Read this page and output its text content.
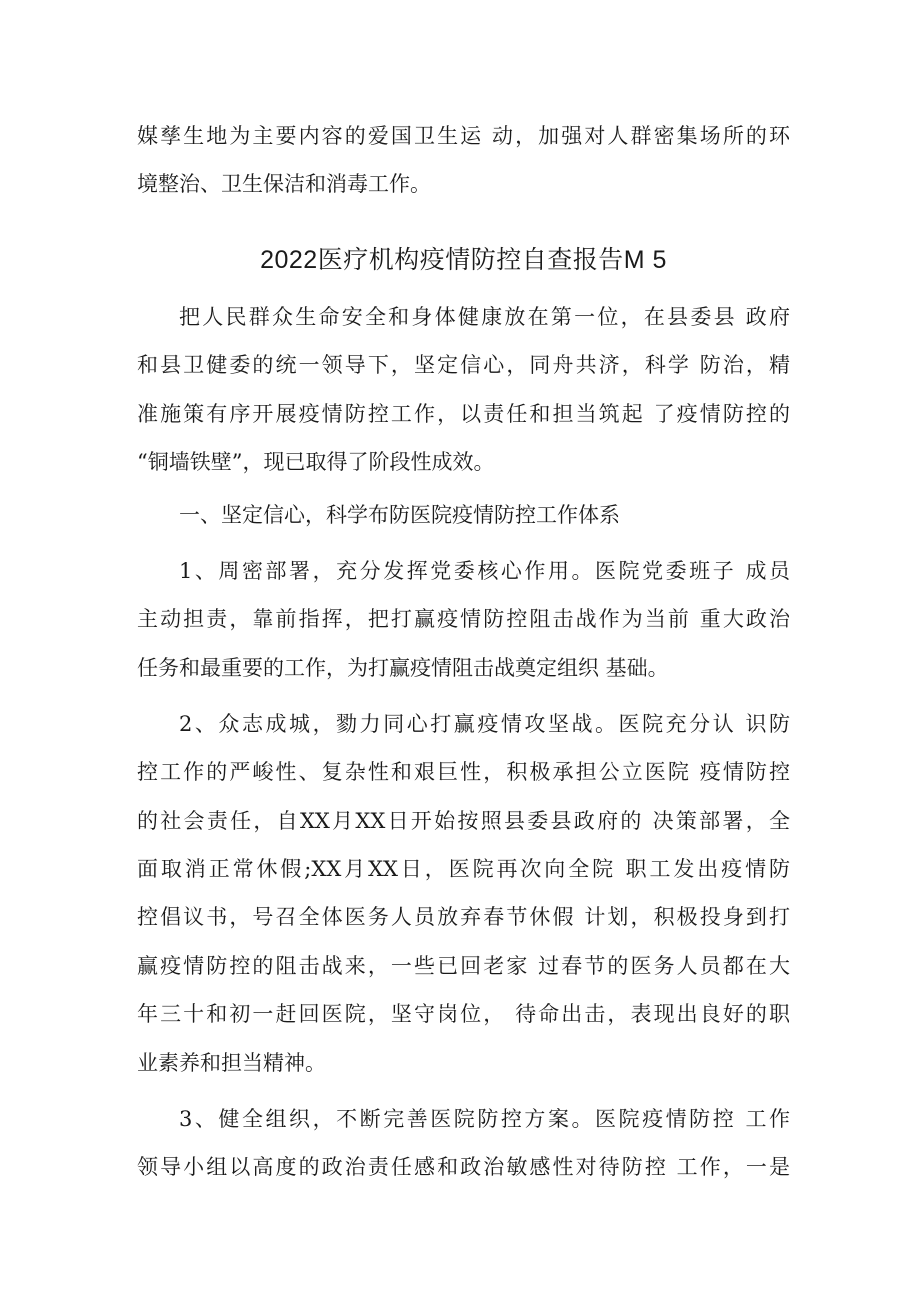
媒孳生地为主要内容的爱国卫生运 动，加强对人群密集场所的环
境整治、卫生保洁和消毒工作。
2022医疗机构疫情防控自查报告M 5
把人民群众生命安全和身体健康放在第一位，在县委县 政府
和县卫健委的统一领导下，坚定信心，同舟共济，科学 防治，精
准施策有序开展疫情防控工作，以责任和担当筑起 了疫情防控的
“铜墙铁壁”，现已取得了阶段性成效。
一、坚定信心，科学布防医院疫情防控工作体系
1、周密部署，充分发挥党委核心作用。医院党委班子 成员
主动担责，靠前指挥，把打赢疫情防控阻击战作为当前 重大政治
任务和最重要的工作，为打赢疫情阻击战奠定组织 基础。
2、众志成城，勠力同心打赢疫情攻坚战。医院充分认 识防
控工作的严峻性、复杂性和艰巨性，积极承担公立医院 疫情防控
的社会责任，自XX月XX日开始按照县委县政府的 决策部署，全
面取消正常休假;XX月XX日，医院再次向全院 职工发出疫情防
控倡议书，号召全体医务人员放弃春节休假 计划，积极投身到打
赢疫情防控的阻击战来，一些已回老家 过春节的医务人员都在大
年三十和初一赶回医院，坚守岗位， 待命出击，表现出良好的职
业素养和担当精神。
3、健全组织，不断完善医院防控方案。医院疫情防控 工作
领导小组以高度的政治责任感和政治敏感性对待防控 工作，一是
